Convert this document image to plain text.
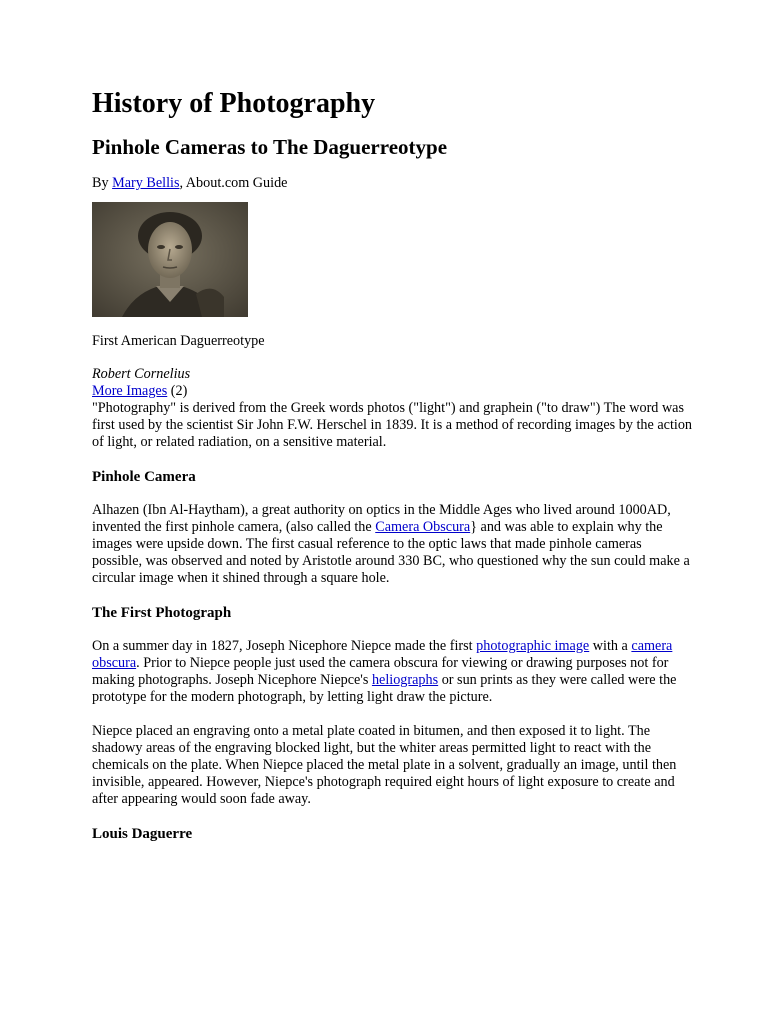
History of Photography
Pinhole Cameras to The Daguerreotype

By Mary Bellis, About.com Guide

First American Daguerreotype

Robert Cornelius

More Images (2)

"Photography" is derived from the Greek words photos ("light") and graphein ("to draw") The word was first used by the scientist Sir John F.W. Herschel in 1839. It is a method of recording images by the action of light, or related radiation, on a sensitive material.

Pinhole Camera

Alhazen (Ibn Al-Haytham), a great authority on optics in the Middle Ages who lived around 1000AD, invented the first pinhole camera, (also called the Camera Obscura} and was able to explain why the images were upside down. The first casual reference to the optic laws that made pinhole cameras possible, was observed and noted by Aristotle around 330 BC, who questioned why the sun could make a circular image when it shined through a square hole.

The First Photograph

On a summer day in 1827, Joseph Nicephore Niepce made the first photographic image with a camera obscura. Prior to Niepce people just used the camera obscura for viewing or drawing purposes not for making photographs. Joseph Nicephore Niepce's heliographs or sun prints as they were called were the prototype for the modern photograph, by letting light draw the picture.

Niepce placed an engraving onto a metal plate coated in bitumen, and then exposed it to light. The shadowy areas of the engraving blocked light, but the whiter areas permitted light to react with the chemicals on the plate. When Niepce placed the metal plate in a solvent, gradually an image, until then invisible, appeared. However, Niepce's photograph required eight hours of light exposure to create and after appearing would soon fade away.

Louis Daguerre
